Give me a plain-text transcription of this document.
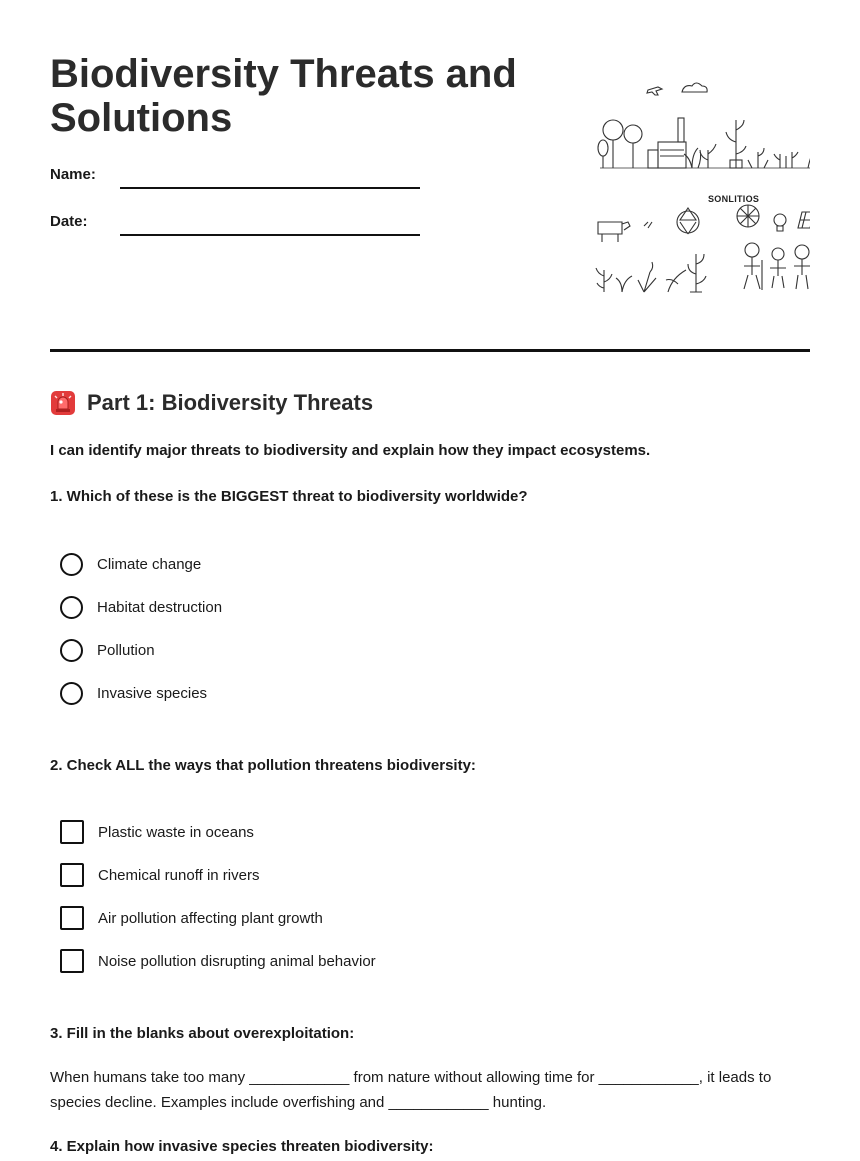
Biodiversity Threats and Solutions
Name:
Date:
SONLITIOS
Part 1: Biodiversity Threats

I can identify major threats to biodiversity and explain how they impact ecosystems.

1. Which of these is the BIGGEST threat to biodiversity worldwide?

Climate change
Habitat destruction
Pollution
Invasive species

2. Check ALL the ways that pollution threatens biodiversity:

Plastic waste in oceans
Chemical runoff in rivers
Air pollution affecting plant growth
Noise pollution disrupting animal behavior

3. Fill in the blanks about overexploitation:

When humans take too many ____________ from nature without allowing time for ____________, it leads to species decline. Examples include overfishing and ____________ hunting.

4. Explain how invasive species threaten biodiversity:
